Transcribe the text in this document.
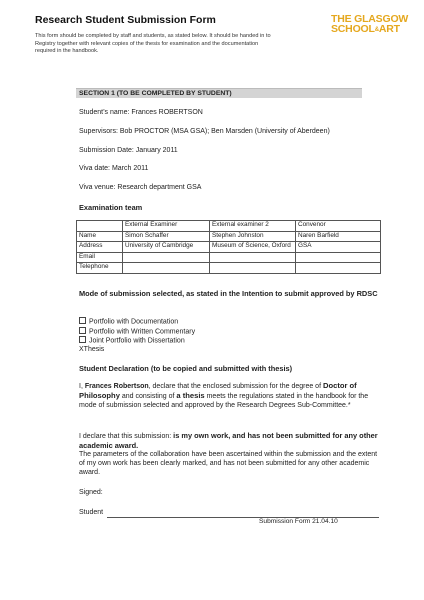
Research Student Submission Form
This form should be completed by staff and students, as stated below. It should be handed in to Registry together with relevant copies of the thesis for examination and the documentation required in the handbook.
THE GLASGOW
SCHOOL&ART
SECTION 1 (TO BE COMPLETED BY STUDENT)
Student’s name: Frances ROBERTSON
Supervisors: Bob PROCTOR (MSA GSA); Ben Marsden (University of Aberdeen)
Submission Date: January 2011
Viva date: March 2011
Viva venue: Research department GSA
Examination team
	External Examiner	External examiner 2	Convenor
Name	Simon Schaffer	Stephen Johnston	Naren Barfield
Address	University of Cambridge	Museum of Science, Oxford	GSA
Email			
Telephone			
Mode of submission selected, as stated in the Intention to submit approved by RDSC
Portfolio with Documentation
Portfolio with Written Commentary
Joint Portfolio with Dissertation
XThesis
Student Declaration (to be copied and submitted with thesis)
I, Frances Robertson, declare that the enclosed submission for the degree of Doctor of Philosophy and consisting of a thesis meets the regulations stated in the handbook for the mode of submission selected and approved by the Research Degrees Sub-Committee.*
I declare that this submission: is my own work, and has not been submitted for any other academic award.
The parameters of the collaboration have been ascertained within the submission and the extent of my own work has been clearly marked, and has not been submitted for any other academic award.
Signed:
Student
Submission Form 21.04.10
